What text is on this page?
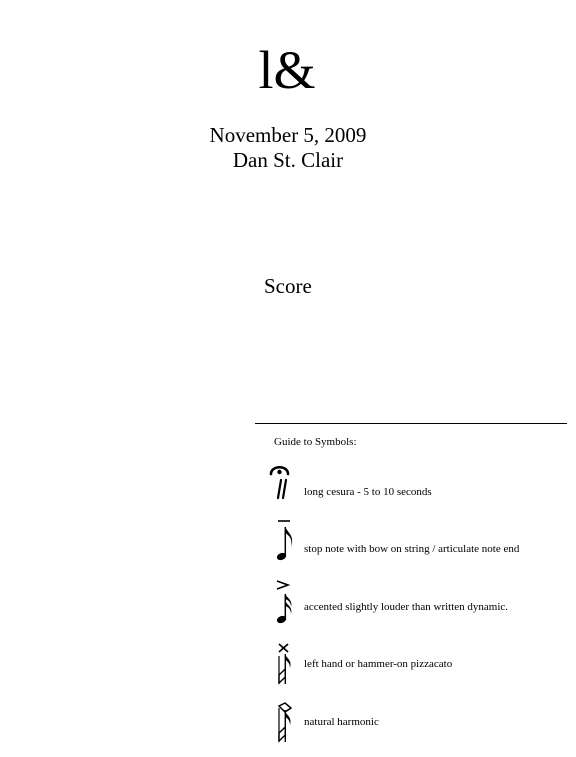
l&
November 5, 2009
Dan St. Clair
Score
Guide to Symbols:
long cesura - 5 to 10 seconds
stop note with bow on string / articulate note end
accented slightly louder than written dynamic.
left hand or hammer-on pizzacato
natural harmonic
